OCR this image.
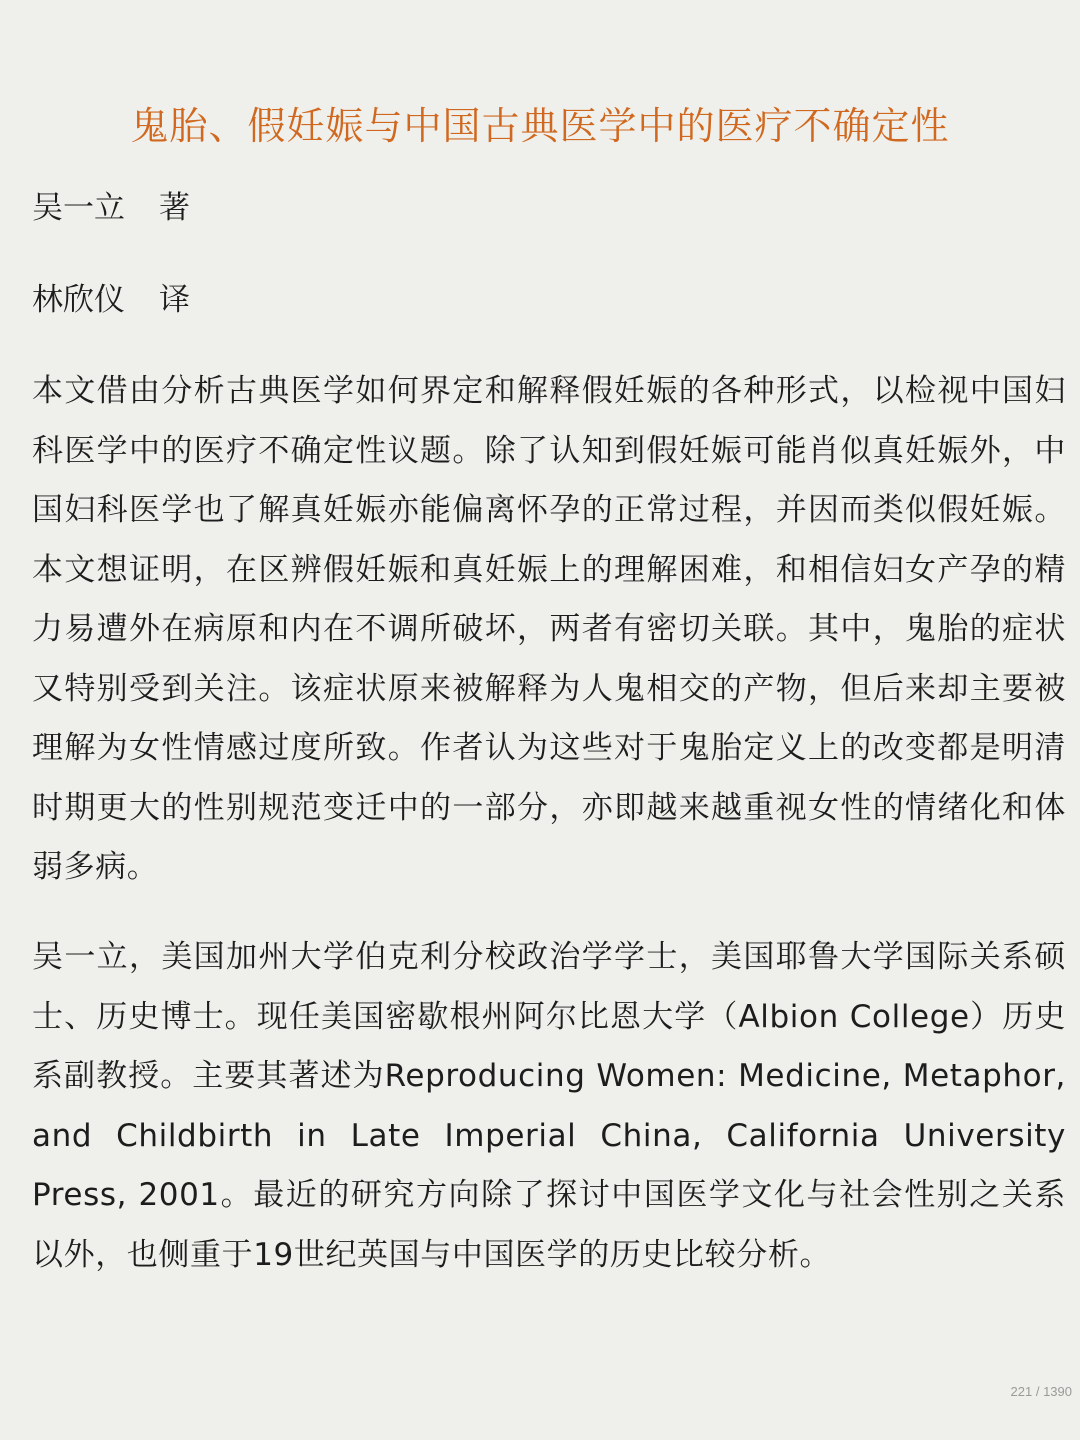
鬼胎、假妊娠与中国古典医学中的医疗不确定性
吴一立 著
林欣仪 译

本文借由分析古典医学如何界定和解释假妊娠的各种形式，以检视中国妇科医学中的医疗不确定性议题。除了认知到假妊娠可能肖似真妊娠外，中国妇科医学也了解真妊娠亦能偏离怀孕的正常过程，并因而类似假妊娠。本文想证明，在区辨假妊娠和真妊娠上的理解困难，和相信妇女产孕的精力易遭外在病原和内在不调所破坏，两者有密切关联。其中，鬼胎的症状又特别受到关注。该症状原来被解释为人鬼相交的产物，但后来却主要被理解为女性情感过度所致。作者认为这些对于鬼胎定义上的改变都是明清时期更大的性别规范变迁中的一部分，亦即越来越重视女性的情绪化和体弱多病。

吴一立，美国加州大学伯克利分校政治学学士，美国耶鲁大学国际关系硕士、历史博士。现任美国密歇根州阿尔比恩大学（Albion College）历史系副教授。主要其著述为Reproducing Women: Medicine, Metaphor, and Childbirth in Late Imperial China, California University Press, 2001。最近的研究方向除了探讨中国医学文化与社会性别之关系以外，也侧重于19世纪英国与中国医学的历史比较分析。

221 / 1390
